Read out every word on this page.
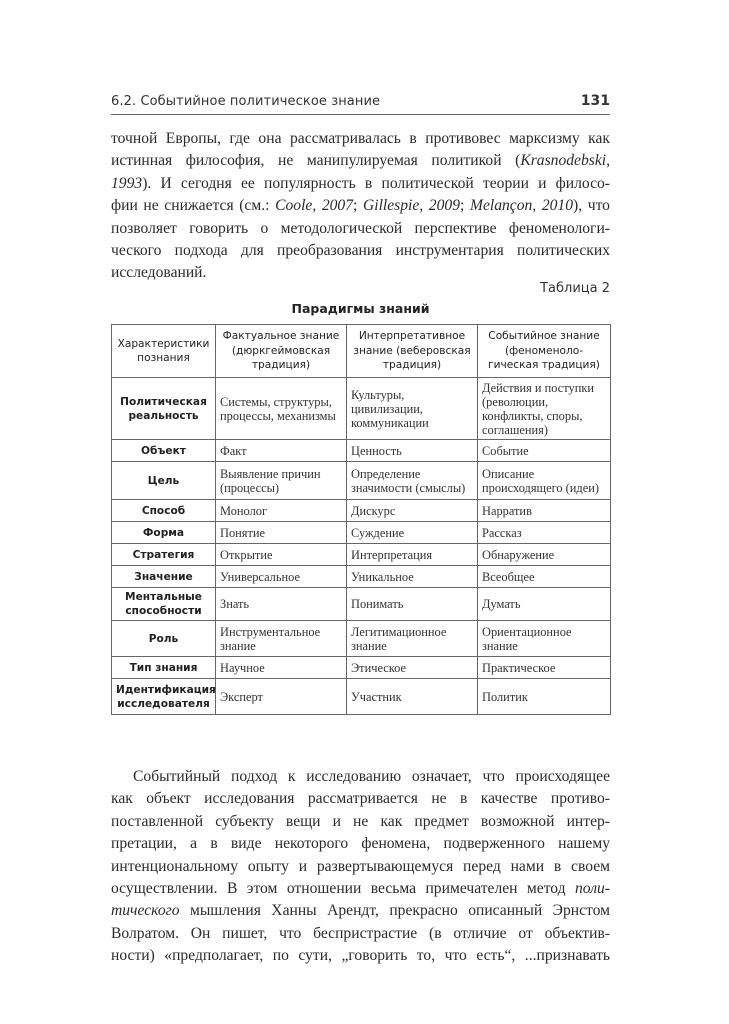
6.2. Событийное политическое знание	131
точной Европы, где она рассматривалась в противовес марксизму как
истинная философия, не манипулируемая политикой (Krasnodebski,
1993). И сегодня ее популярность в политической теории и филосо-
фии не снижается (см.: Coole, 2007; Gillespie, 2009; Melançon, 2010), что
позволяет говорить о методологической перспективе феноменологи-
ческого подхода для преобразования инструментария политических
исследований.
Таблица 2
Парадигмы знаний
Характеристики познания	Фактуальное знание (дюркгеймовская традиция)	Интерпретативное знание (веберовская традиция)	Событийное знание (феноменоло-гическая традиция)
Политическая реальность	Системы, структуры, процессы, механизмы	Культуры, цивилизации, коммуникации	Действия и поступки (революции, конфликты, споры, соглашения)
Объект	Факт	Ценность	Событие
Цель	Выявление причин (процессы)	Определение значимости (смыслы)	Описание происходящего (идеи)
Способ	Монолог	Дискурс	Нарратив
Форма	Понятие	Суждение	Рассказ
Стратегия	Открытие	Интерпретация	Обнаружение
Значение	Универсальное	Уникальное	Всеобщее
Ментальные способности	Знать	Понимать	Думать
Роль	Инструментальное знание	Легитимационное знание	Ориентационное знание
Тип знания	Научное	Этическое	Практическое
Идентификация исследователя	Эксперт	Участник	Политик
Событийный подход к исследованию означает, что происходящее
как объект исследования рассматривается не в качестве противо-
поставленной субъекту вещи и не как предмет возможной интер-
претации, а в виде некоторого феномена, подверженного нашему
интенциональному опыту и развертывающемуся перед нами в своем
осуществлении. В этом отношении весьма примечателен метод поли-
тического мышления Ханны Арендт, прекрасно описанный Эрнстом
Волратом. Он пишет, что беспристрастие (в отличие от объектив-
ности) «предполагает, по сути, „говорить то, что есть“, ...признавать
